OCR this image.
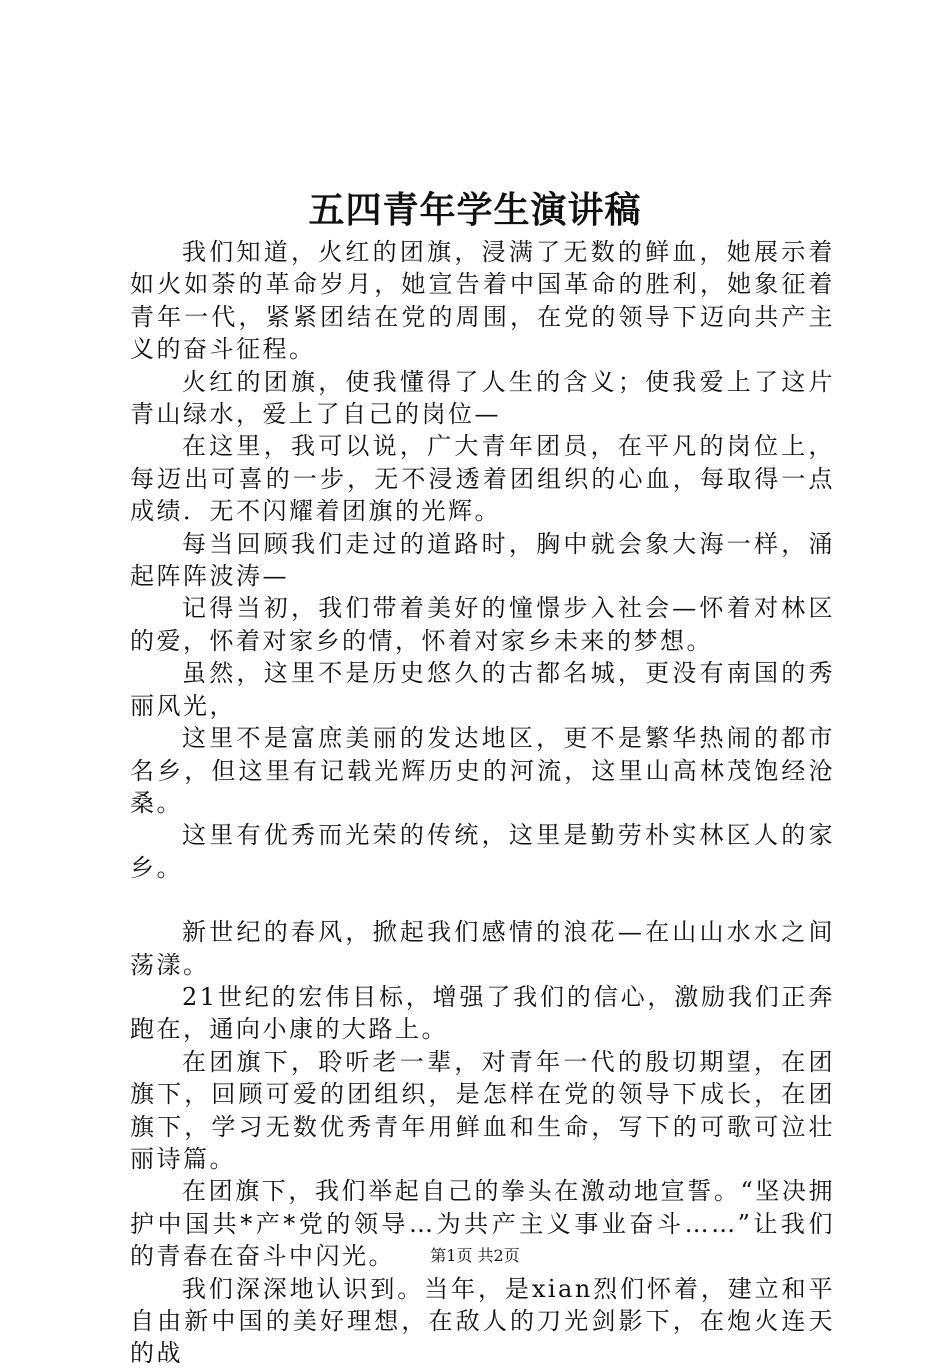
五四青年学生演讲稿

我们知道，火红的团旗，浸满了无数的鲜血，她展示着如火如荼的革命岁月，她宣告着中国革命的胜利，她象征着青年一代，紧紧团结在党的周围，在党的领导下迈向共产主义的奋斗征程。

火红的团旗，使我懂得了人生的含义；使我爱上了这片青山绿水，爱上了自己的岗位—

在这里，我可以说，广大青年团员，在平凡的岗位上，每迈出可喜的一步，无不浸透着团组织的心血，每取得一点成绩．无不闪耀着团旗的光辉。

每当回顾我们走过的道路时，胸中就会象大海一样，涌起阵阵波涛—

记得当初，我们带着美好的憧憬步入社会—怀着对林区的爱，怀着对家乡的情，怀着对家乡未来的梦想。

虽然，这里不是历史悠久的古都名城，更没有南国的秀丽风光，

这里不是富庶美丽的发达地区，更不是繁华热闹的都市名乡，但这里有记载光辉历史的河流，这里山高林茂饱经沧桑。

这里有优秀而光荣的传统，这里是勤劳朴实林区人的家乡。

新世纪的春风，掀起我们感情的浪花—在山山水水之间荡漾。

21世纪的宏伟目标，增强了我们的信心，激励我们正奔跑在，通向小康的大路上。

在团旗下，聆听老一辈，对青年一代的殷切期望，在团旗下，回顾可爱的团组织，是怎样在党的领导下成长，在团旗下，学习无数优秀青年用鲜血和生命，写下的可歌可泣壮丽诗篇。

在团旗下，我们举起自己的拳头在激动地宣誓。“坚决拥护中国共*产*党的领导…为共产主义事业奋斗……”让我们的青春在奋斗中闪光。

我们深深地认识到。当年，是xian烈们怀着，建立和平自由新中国的美好理想，在敌人的刀光剑影下，在炮火连天的战

第1页 共2页
